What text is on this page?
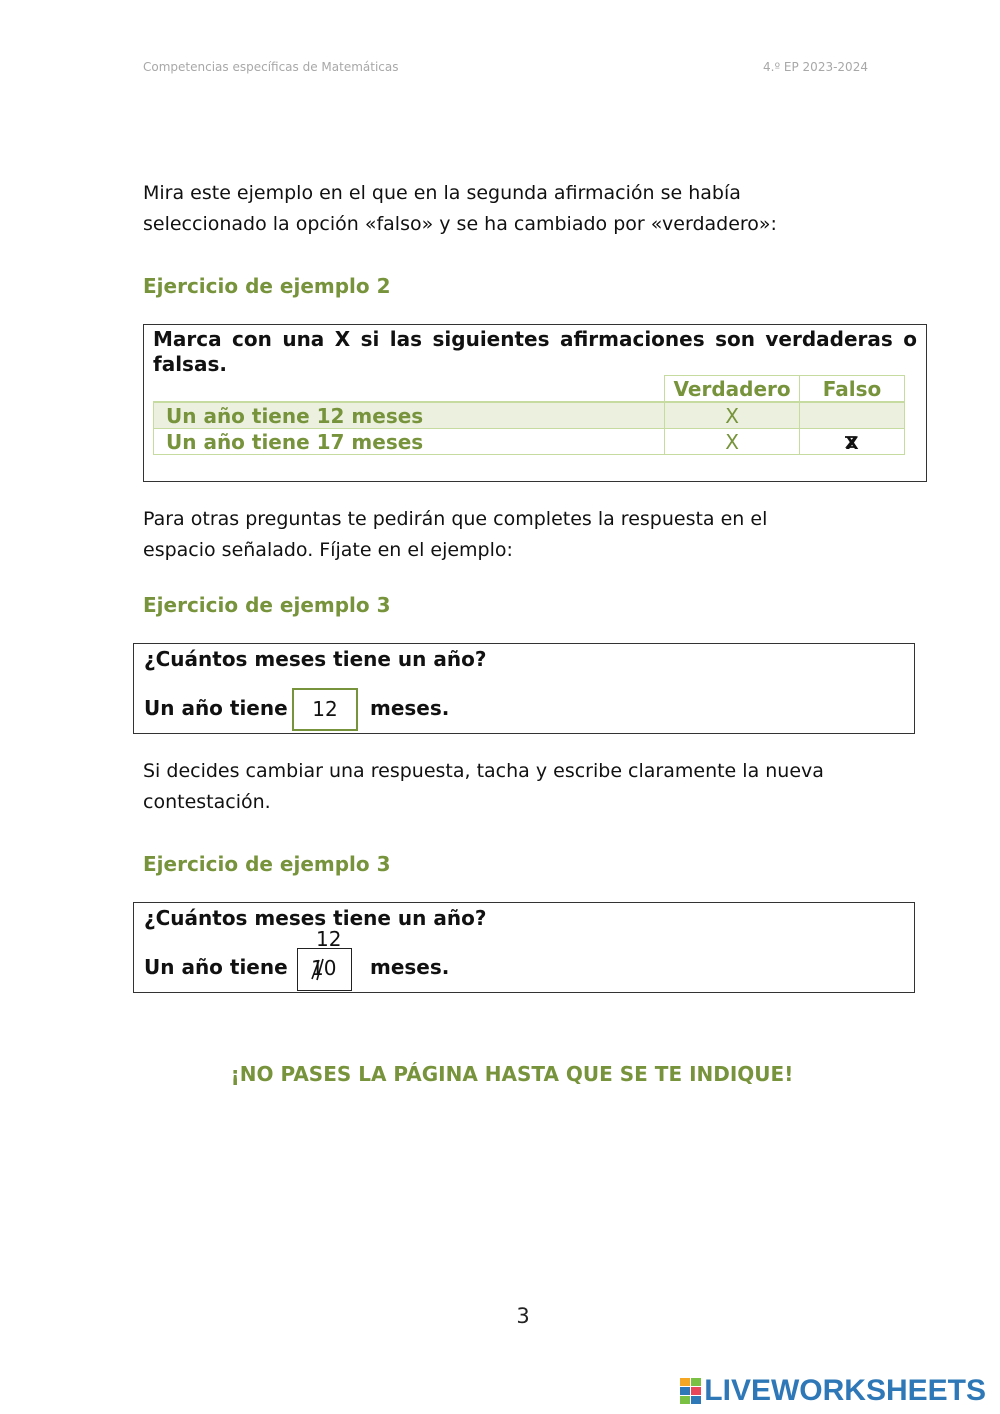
Competencias específicas de Matemáticas	4.º EP 2023-2024
Mira este ejemplo en el que en la segunda afirmación se había
seleccionado la opción «falso» y se ha cambiado por «verdadero»:
Ejercicio de ejemplo 2
Marca con una X si las siguientes afirmaciones son verdaderas o falsas.
	Verdadero	Falso
Un año tiene 12 meses	X	
Un año tiene 17 meses	X	X
Para otras preguntas te pedirán que completes la respuesta en el
espacio señalado. Fíjate en el ejemplo:
Ejercicio de ejemplo 3
¿Cuántos meses tiene un año?
Un año tiene	12	meses.
Si decides cambiar una respuesta, tacha y escribe claramente la nueva
contestación.
Ejercicio de ejemplo 3
¿Cuántos meses tiene un año?
12
Un año tiene 10 meses.
¡NO PASES LA PÁGINA HASTA QUE SE TE INDIQUE!
3
LIVEWORKSHEETS
